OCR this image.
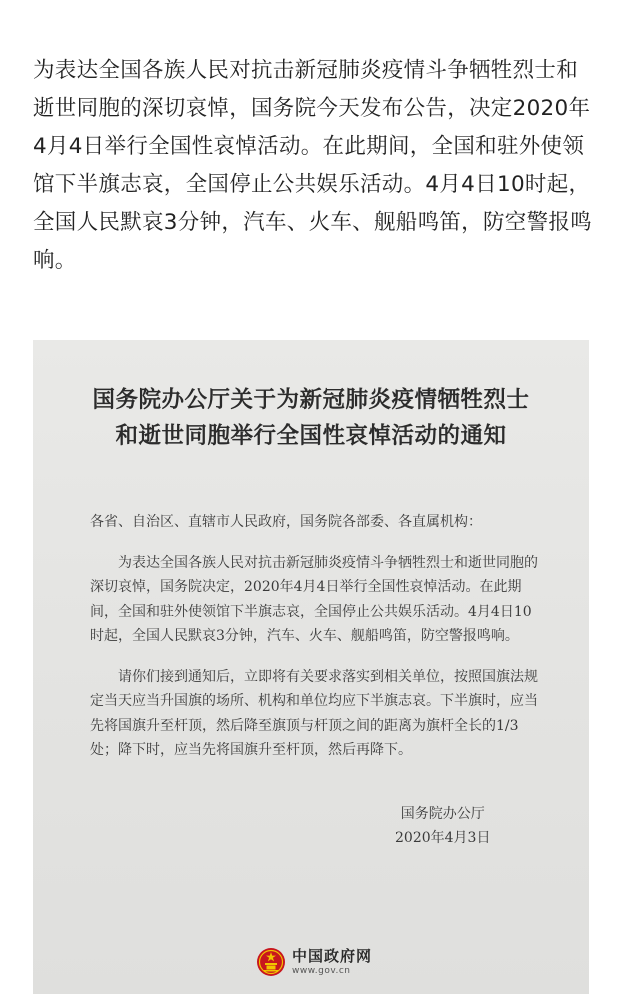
为表达全国各族人民对抗击新冠肺炎疫情斗争牺牲烈士和逝世同胞的深切哀悼，国务院今天发布公告，决定2020年4月4日举行全国性哀悼活动。在此期间，全国和驻外使领馆下半旗志哀，全国停止公共娱乐活动。4月4日10时起，全国人民默哀3分钟，汽车、火车、舰船鸣笛，防空警报鸣响。

国务院办公厅关于为新冠肺炎疫情牺牲烈士
和逝世同胞举行全国性哀悼活动的通知

各省、自治区、直辖市人民政府，国务院各部委、各直属机构：

为表达全国各族人民对抗击新冠肺炎疫情斗争牺牲烈士和逝世同胞的深切哀悼，国务院决定，2020年4月4日举行全国性哀悼活动。在此期间，全国和驻外使领馆下半旗志哀，全国停止公共娱乐活动。4月4日10时起，全国人民默哀3分钟，汽车、火车、舰船鸣笛，防空警报鸣响。

请你们接到通知后，立即将有关要求落实到相关单位，按照国旗法规定当天应当升国旗的场所、机构和单位均应下半旗志哀。下半旗时，应当先将国旗升至杆顶，然后降至旗顶与杆顶之间的距离为旗杆全长的1/3处；降下时，应当先将国旗升至杆顶，然后再降下。

国务院办公厅
2020年4月3日
中国政府网
www.gov.cn
